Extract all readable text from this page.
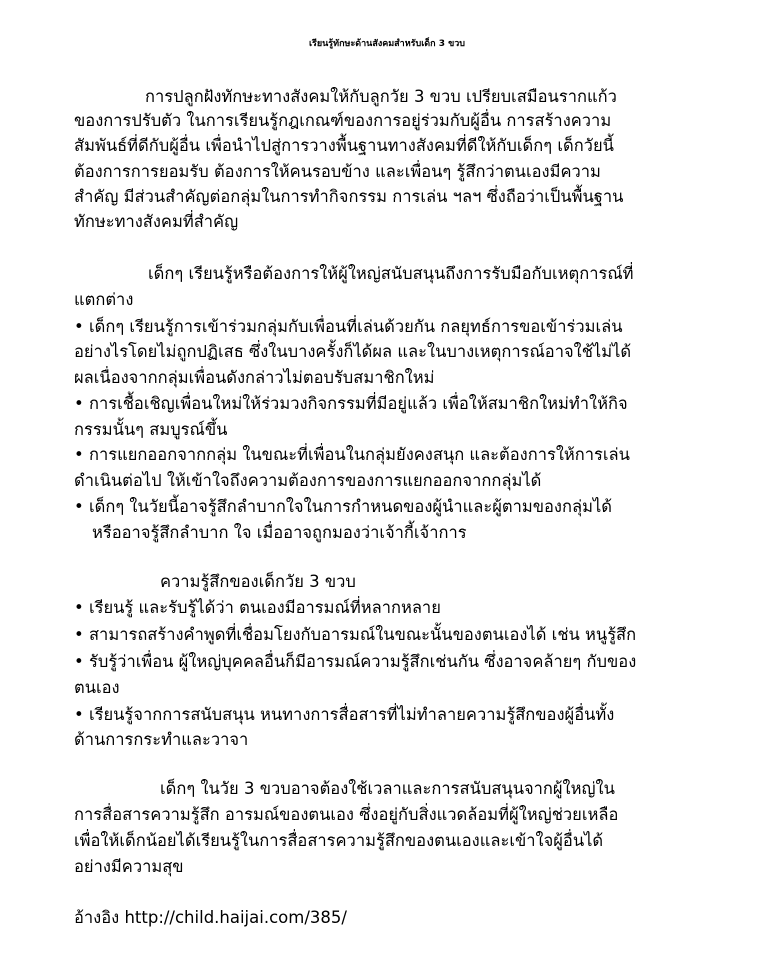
เรียนรู้ทักษะด้านสังคมสำหรับเด็ก 3 ขวบ
การปลูกฝังทักษะทางสังคมให้กับลูกวัย 3 ขวบ เปรียบเสมือนรากแก้ว
ของการปรับตัว ในการเรียนรู้กฎเกณฑ์ของการอยู่ร่วมกับผู้อื่น การสร้างความ
สัมพันธ์ที่ดีกับผู้อื่น เพื่อนำไปสู่การวางพื้นฐานทางสังคมที่ดีให้กับเด็กๆ เด็กวัยนี้
ต้องการการยอมรับ ต้องการให้คนรอบข้าง และเพื่อนๆ รู้สึกว่าตนเองมีความ
สำคัญ มีส่วนสำคัญต่อกลุ่มในการทำกิจกรรม การเล่น ฯลฯ ซึ่งถือว่าเป็นพื้นฐาน
ทักษะทางสังคมที่สำคัญ
เด็กๆ เรียนรู้หรือต้องการให้ผู้ใหญ่สนับสนุนถึงการรับมือกับเหตุการณ์ที่
แตกต่าง
• เด็กๆ เรียนรู้การเข้าร่วมกลุ่มกับเพื่อนที่เล่นด้วยกัน กลยุทธ์การขอเข้าร่วมเล่น
อย่างไรโดยไม่ถูกปฏิเสธ ซึ่งในบางครั้งก็ได้ผล และในบางเหตุการณ์อาจใช้ไม่ได้
ผลเนื่องจากกลุ่มเพื่อนดังกล่าวไม่ตอบรับสมาชิกใหม่
• การเชื้อเชิญเพื่อนใหม่ให้ร่วมวงกิจกรรมที่มีอยู่แล้ว เพื่อให้สมาชิกใหม่ทำให้กิจ
กรรมนั้นๆ สมบูรณ์ขึ้น
• การแยกออกจากกลุ่ม ในขณะที่เพื่อนในกลุ่มยังคงสนุก และต้องการให้การเล่น
ดำเนินต่อไป ให้เข้าใจถึงความต้องการของการแยกออกจากกลุ่มได้
• เด็กๆ ในวัยนี้อาจรู้สึกลำบากใจในการกำหนดของผู้นำและผู้ตามของกลุ่มได้
หรืออาจรู้สึกลำบาก ใจ เมื่ออาจถูกมองว่าเจ้ากี้เจ้าการ
ความรู้สึกของเด็กวัย 3 ขวบ
• เรียนรู้ และรับรู้ได้ว่า ตนเองมีอารมณ์ที่หลากหลาย
• สามารถสร้างคำพูดที่เชื่อมโยงกับอารมณ์ในขณะนั้นของตนเองได้ เช่น หนูรู้สึก
• รับรู้ว่าเพื่อน ผู้ใหญ่บุคคลอื่นก็มีอารมณ์ความรู้สึกเช่นกัน ซึ่งอาจคล้ายๆ กับของ
ตนเอง
• เรียนรู้จากการสนับสนุน หนทางการสื่อสารที่ไม่ทำลายความรู้สึกของผู้อื่นทั้ง
ด้านการกระทำและวาจา
เด็กๆ ในวัย 3 ขวบอาจต้องใช้เวลาและการสนับสนุนจากผู้ใหญ่ใน
การสื่อสารความรู้สึก อารมณ์ของตนเอง ซึ่งอยู่กับสิ่งแวดล้อมที่ผู้ใหญ่ช่วยเหลือ
เพื่อให้เด็กน้อยได้เรียนรู้ในการสื่อสารความรู้สึกของตนเองและเข้าใจผู้อื่นได้
อย่างมีความสุข
อ้างอิง http://child.haijai.com/385/
